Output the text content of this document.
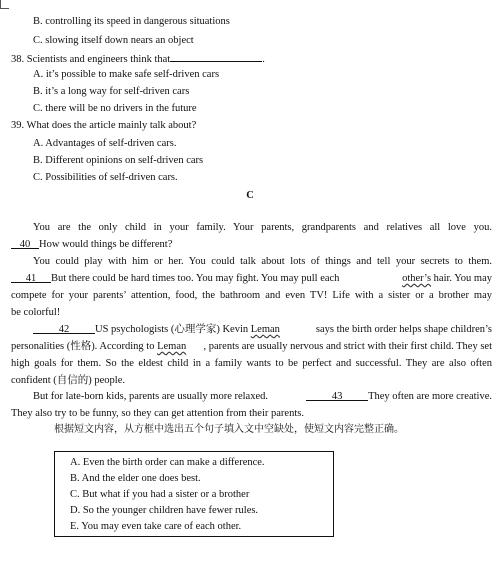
B. controlling its speed in dangerous situations
C. slowing itself down nears an object
38. Scientists and engineers think that	.
A. it’s possible to make safe self-driven cars
B. it’s a long way for self-driven cars
C. there will be no drivers in the future
39. What does the article mainly talk about?
A. Advantages of self-driven cars.
B. Different opinions on self-driven cars
C. Possibilities of self-driven cars.
C
You are the only child in your family. Your parents, grandparents and relatives all love you.
40 How would things be different?
You could play with him or her. You could talk about lots of things and tell your secrets to them.
41 But there could be hard times too. You may fight. You may pull each	other’s hair. You may
compete for your parents’ attention, food, the bathroom and even TV! Life with a sister or a brother may
be colorful!
42 US psychologists (心理学家) Kevin Leman	says the birth order helps shape children’s
personalities (性格). According to Leman , parents are usually nervous and strict with their first child. They set
high goals for them. So the eldest child in a family wants to be perfect and successful. They are also often
confident (自信的) people.
But for late-born kids, parents are usually more relaxed.	43 They often are more creative.
They also try to be funny, so they can get attention from their parents.
根据短文内容，从方框中选出五个句子填入文中空缺处，使短文内容完整正确。
A. Even the birth order can make a difference.
B. And the elder one does best.
C. But what if you had a sister or a brother
D. So the younger children have fewer rules.
E. You may even take care of each other.
